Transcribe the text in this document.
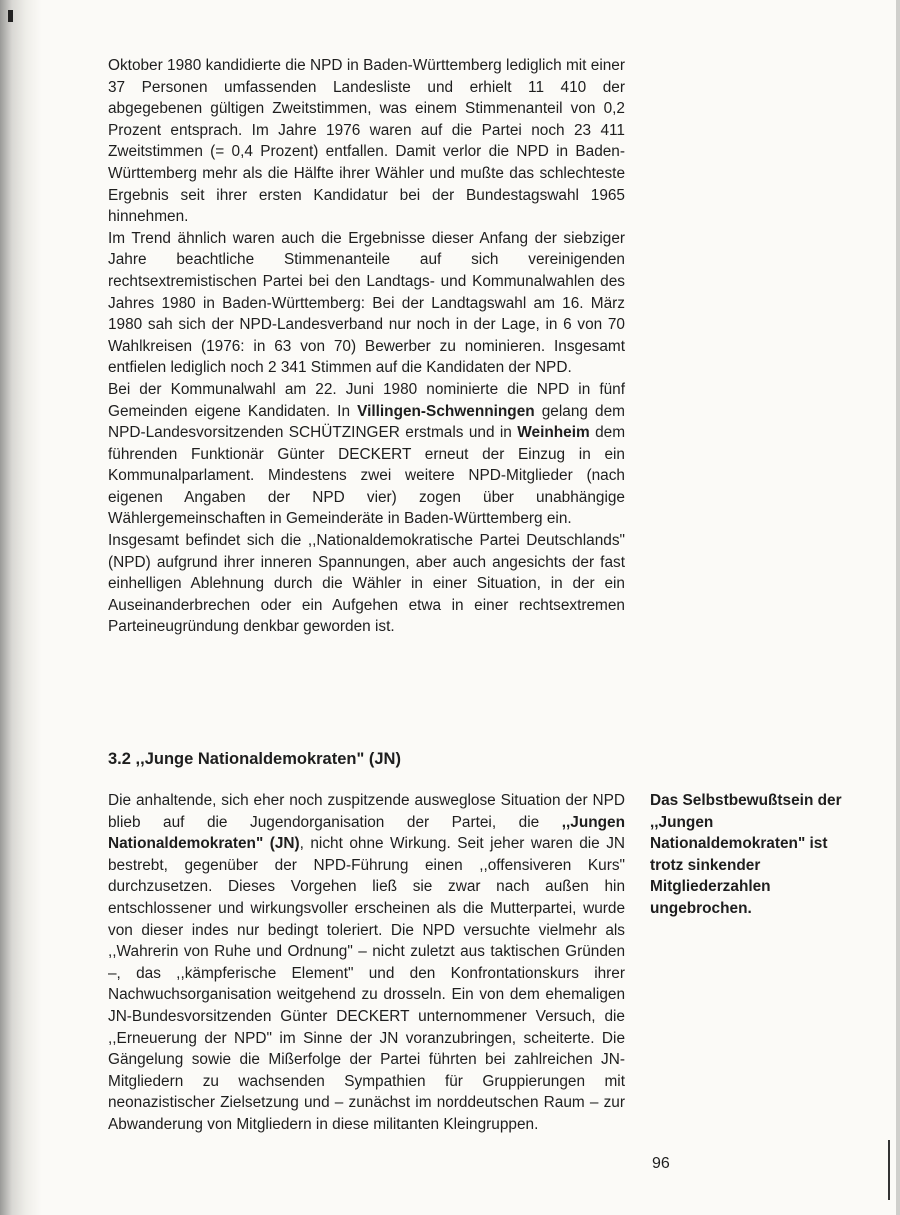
Oktober 1980 kandidierte die NPD in Baden-Württemberg lediglich mit einer 37 Personen umfassenden Landesliste und erhielt 11 410 der abgegebenen gültigen Zweitstimmen, was einem Stimmenanteil von 0,2 Prozent entsprach. Im Jahre 1976 waren auf die Partei noch 23 411 Zweitstimmen (= 0,4 Prozent) entfallen. Damit verlor die NPD in Baden-Württemberg mehr als die Hälfte ihrer Wähler und mußte das schlechteste Ergebnis seit ihrer ersten Kandidatur bei der Bundestagswahl 1965 hinnehmen.

Im Trend ähnlich waren auch die Ergebnisse dieser Anfang der siebziger Jahre beachtliche Stimmenanteile auf sich vereinigenden rechtsextremistischen Partei bei den Landtags- und Kommunalwahlen des Jahres 1980 in Baden-Württemberg: Bei der Landtagswahl am 16. März 1980 sah sich der NPD-Landesverband nur noch in der Lage, in 6 von 70 Wahlkreisen (1976: in 63 von 70) Bewerber zu nominieren. Insgesamt entfielen lediglich noch 2 341 Stimmen auf die Kandidaten der NPD.

Bei der Kommunalwahl am 22. Juni 1980 nominierte die NPD in fünf Gemeinden eigene Kandidaten. In Villingen-Schwenningen gelang dem NPD-Landesvorsitzenden SCHÜTZINGER erstmals und in Weinheim dem führenden Funktionär Günter DECKERT erneut der Einzug in ein Kommunalparlament. Mindestens zwei weitere NPD-Mitglieder (nach eigenen Angaben der NPD vier) zogen über unabhängige Wählergemeinschaften in Gemeinderäte in Baden-Württemberg ein.

Insgesamt befindet sich die ,,Nationaldemokratische Partei Deutschlands" (NPD) aufgrund ihrer inneren Spannungen, aber auch angesichts der fast einhelligen Ablehnung durch die Wähler in einer Situation, in der ein Auseinanderbrechen oder ein Aufgehen etwa in einer rechtsextremen Parteineugründung denkbar geworden ist.

3.2 ,,Junge Nationaldemokraten" (JN)

Die anhaltende, sich eher noch zuspitzende ausweglose Situation der NPD blieb auf die Jugendorganisation der Partei, die ,,Jungen Nationaldemokraten" (JN), nicht ohne Wirkung. Seit jeher waren die JN bestrebt, gegenüber der NPD-Führung einen ,,offensiveren Kurs" durchzusetzen. Dieses Vorgehen ließ sie zwar nach außen hin entschlossener und wirkungsvoller erscheinen als die Mutterpartei, wurde von dieser indes nur bedingt toleriert. Die NPD versuchte vielmehr als ,,Wahrerin von Ruhe und Ordnung" – nicht zuletzt aus taktischen Gründen –, das ,,kämpferische Element" und den Konfrontationskurs ihrer Nachwuchsorganisation weitgehend zu drosseln. Ein von dem ehemaligen JN-Bundesvorsitzenden Günter DECKERT unternommener Versuch, die ,,Erneuerung der NPD" im Sinne der JN voranzubringen, scheiterte. Die Gängelung sowie die Mißerfolge der Partei führten bei zahlreichen JN-Mitgliedern zu wachsenden Sympathien für Gruppierungen mit neonazistischer Zielsetzung und – zunächst im norddeutschen Raum – zur Abwanderung von Mitgliedern in diese militanten Kleingruppen.

Das Selbstbewußtsein der ,,Jungen Nationaldemokraten" ist trotz sinkender Mitgliederzahlen ungebrochen.
96
